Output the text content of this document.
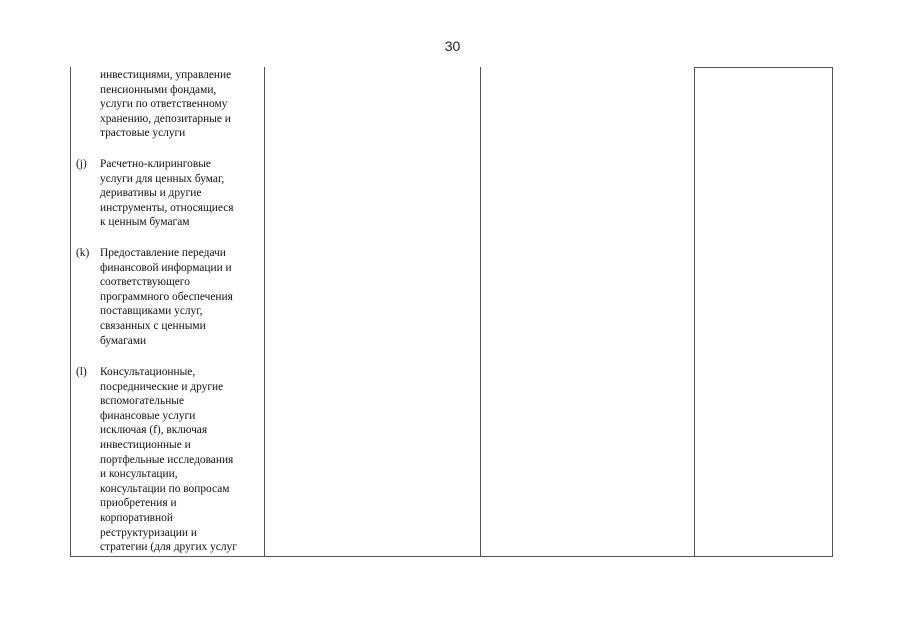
30
инвестициями, управление
пенсионными фондами,
услуги по ответственному
хранению, депозитарные и
трастовые услуги
(j) Расчетно-клиринговые
услуги для ценных бумаг,
деривативы и другие
инструменты, относящиеся
к ценным бумагам
(k) Предоставление передачи
финансовой информации и
соответствующего
программного обеспечения
поставщиками услуг,
связанных с ценными
бумагами
(l) Консультационные,
посреднические и другие
вспомогательные
финансовые услуги
исключая (f), включая
инвестиционные и
портфельные исследования
и консультации,
консультации по вопросам
приобретения и
корпоративной
реструктуризации и
стратегии (для других услуг
